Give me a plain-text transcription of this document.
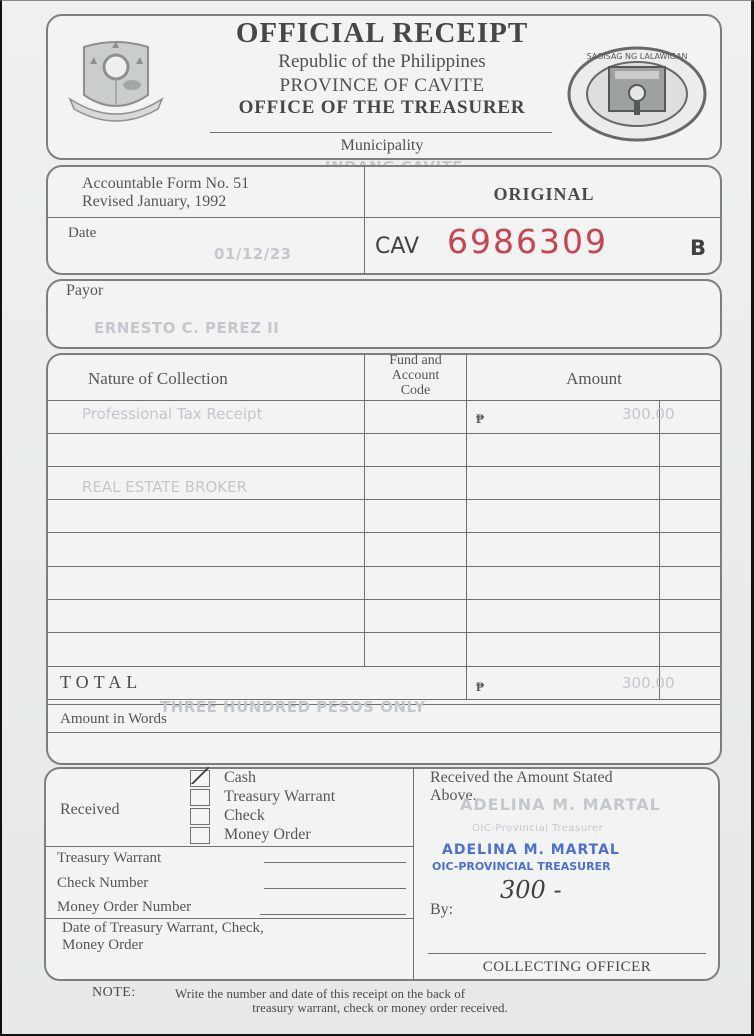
OFFICIAL RECEIPT
Republic of the Philippines
PROVINCE OF CAVITE
OFFICE OF THE TREASURER
SAGISAG NG LALAWIGAN
Municipality
Accountable Form No. 51
Revised January, 1992	ORIGINAL
Date
01/12/23	CAV 6986309	B
Payor
ERNESTO C. PEREZ II
Nature of Collection
Fund and
Account
Code
Amount
Professional Tax Receipt	₱	300.00
REAL ESTATE BROKER
TOTAL	₱	300.00
THREE HUNDRED PESOS ONLY
Amount in Words
Received
Cash
Treasury Warrant
Check
Money Order
Treasury Warrant
Check Number
Money Order Number
Date of Treasury Warrant, Check,
Money Order
Received the Amount Stated
Above.
ADELINA M. MARTAL
OIC-Provincial Treasurer
ADELINA M. MARTAL
OIC-PROVINCIAL TREASURER
300 -
By:
COLLECTING OFFICER
NOTE:	Write the number and date of this receipt on the back of
treasury warrant, check or money order received.
